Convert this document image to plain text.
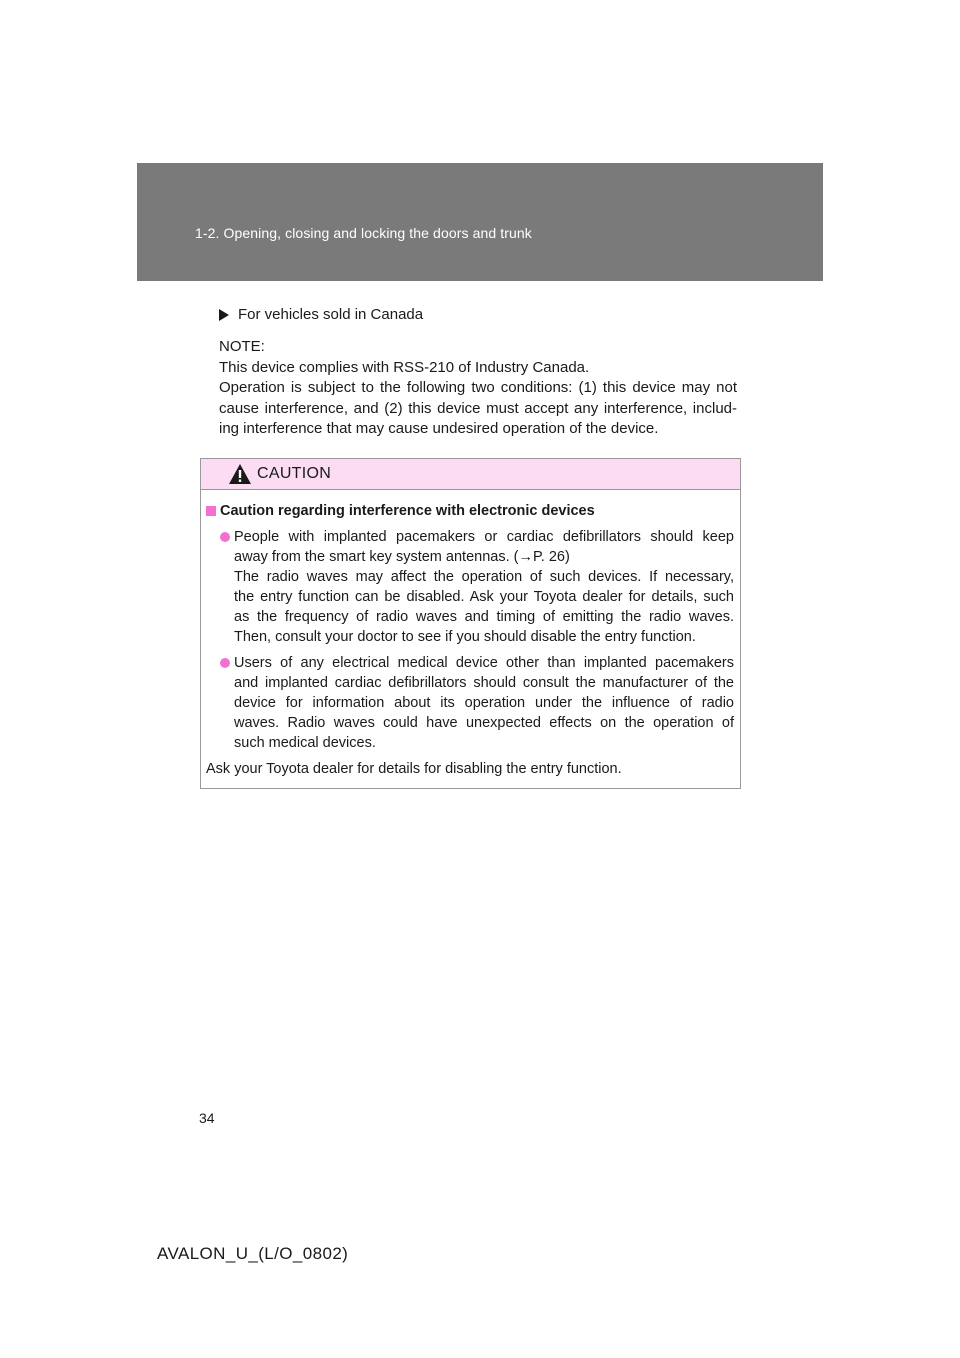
1-2. Opening, closing and locking the doors and trunk
For vehicles sold in Canada

NOTE:

This device complies with RSS-210 of Industry Canada.

Operation is subject to the following two conditions: (1) this device may not

cause interference, and (2) this device must accept any interference, includ-

ing interference that may cause undesired operation of the device.

CAUTION
Caution regarding interference with electronic devices

People with implanted pacemakers or cardiac defibrillators should keep

away from the smart key system antennas. (→P. 26)

The radio waves may affect the operation of such devices. If necessary,

the entry function can be disabled. Ask your Toyota dealer for details, such

as the frequency of radio waves and timing of emitting the radio waves.

Then, consult your doctor to see if you should disable the entry function.

Users of any electrical medical device other than implanted pacemakers

and implanted cardiac defibrillators should consult the manufacturer of the

device for information about its operation under the influence of radio

waves. Radio waves could have unexpected effects on the operation of

such medical devices.

Ask your Toyota dealer for details for disabling the entry function.

34
AVALON_U_(L/O_0802)
